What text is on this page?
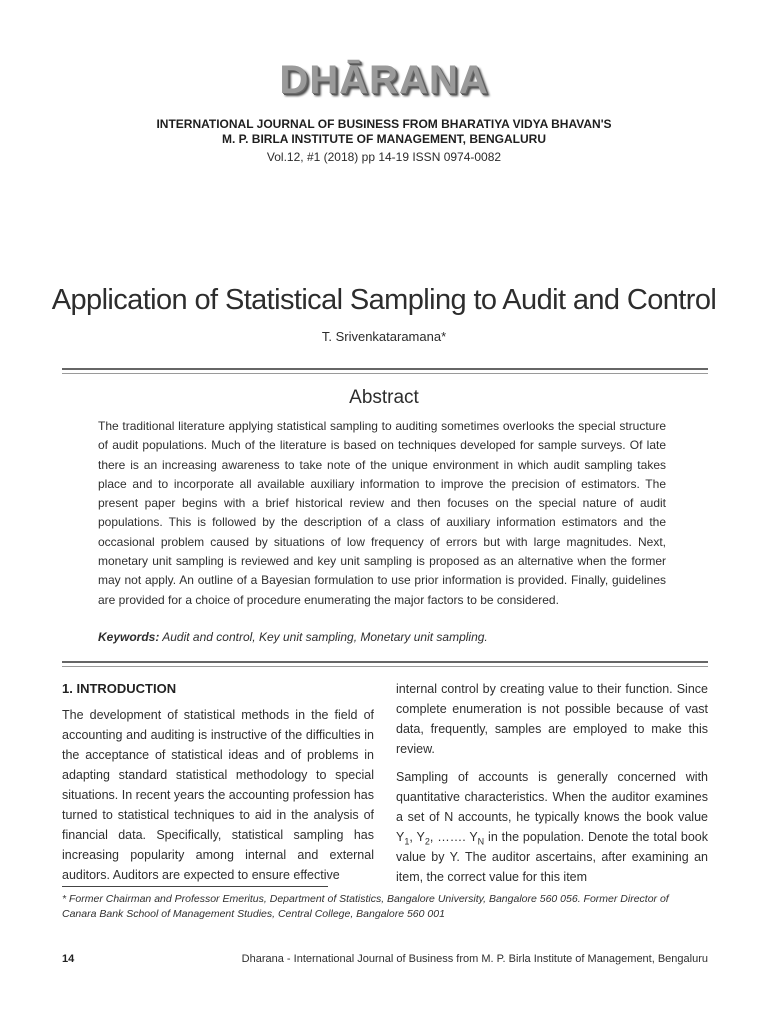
DHĀRANA
INTERNATIONAL JOURNAL OF BUSINESS FROM BHARATIYA VIDYA BHAVAN'S
M. P. BIRLA INSTITUTE OF MANAGEMENT, BENGALURU
Vol.12, #1 (2018) pp 14-19 ISSN 0974-0082
Application of Statistical Sampling to Audit and Control
T. Srivenkataramana*
Abstract

The traditional literature applying statistical sampling to auditing sometimes overlooks the special structure of audit populations. Much of the literature is based on techniques developed for sample surveys. Of late there is an increasing awareness to take note of the unique environment in which audit sampling takes place and to incorporate all available auxiliary information to improve the precision of estimators. The present paper begins with a brief historical review and then focuses on the special nature of audit populations. This is followed by the description of a class of auxiliary information estimators and the occasional problem caused by situations of low frequency of errors but with large magnitudes. Next, monetary unit sampling is reviewed and key unit sampling is proposed as an alternative when the former may not apply. An outline of a Bayesian formulation to use prior information is provided. Finally, guidelines are provided for a choice of procedure enumerating the major factors to be considered.

Keywords: Audit and control, Key unit sampling, Monetary unit sampling.

1. INTRODUCTION

The development of statistical methods in the field of accounting and auditing is instructive of the difficulties in the acceptance of statistical ideas and of problems in adapting standard statistical methodology to special situations. In recent years the accounting profession has turned to statistical techniques to aid in the analysis of financial data. Specifically, statistical sampling has increasing popularity among internal and external auditors. Auditors are expected to ensure effective

internal control by creating value to their function. Since complete enumeration is not possible because of vast data, frequently, samples are employed to make this review.

Sampling of accounts is generally concerned with quantitative characteristics. When the auditor examines a set of N accounts, he typically knows the book value $Y_1$, $Y_2$, ……. $Y_N$ in the population. Denote the total book value by Y. The auditor ascertains, after examining an item, the correct value for this item

* Former Chairman and Professor Emeritus, Department of Statistics, Bangalore University, Bangalore 560 056. Former Director of Canara Bank School of Management Studies, Central College, Bangalore 560 001

14	Dharana - International Journal of Business from M. P. Birla Institute of Management, Bengaluru
